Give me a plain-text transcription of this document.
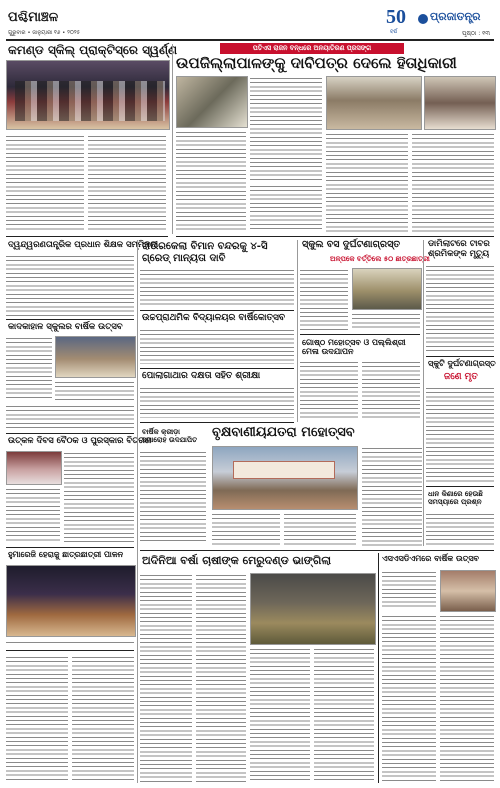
ପଶ୍ଚିମାଞ୍ଚଳ
ଗୁରୁବାର • ଜାନୁୟାରୀ ୧୬ • ୨୦୨୫
50
ବର୍ଷ
ପ୍ରଜାତନ୍ତ୍ର
ପୃଷ୍ଠା : ୧୩
କମଣ୍ଡ ସ୍କିଲ୍ ପ୍ରାକ୍ଟିସ୍ରେ ସ୍ୱର୍ଣ୍ଣ	ପତିଏସ ରାଜନ ବନ୍ଧରେ ଅନୟାତିରଣ ପ୍ରସଙ୍ଗ
ଉପଜିଲ୍ଲାପାଳଙ୍କୁ ଦାବିପତ୍ର ଦେଲେ ହିତାଧିକାରୀ
ଦ୍ୱନ୍ଦ୍ୱରଣତାନ୍ତ୍ରିକ ପ୍ରଧାନ ଶିକ୍ଷକ ସମ୍ମିଳନୀ
କାଦକାହାଳ ସ୍କୁଲର ବାର୍ଷିକ ଉତ୍ସବ
ଉତ୍କଳ ଦିବସ ବୈଠକ ଓ ପୁରସ୍କାର ବିତରଣ
ହୁମାରେଜି ହେରାଜୁ ଛାତ୍ରଛାତ୍ରୀ ପାଳନ
ରାଉରକେଲା ବିମାନ ବନ୍ଦରକୁ ୪-ସି ଗ୍ରେଡ୍ ମାନ୍ୟତା ଦାବି
ଉଚ୍ଚପ୍ରାଥମିକ ବିଦ୍ୟାଳୟର ବାର୍ଷିକୋତ୍ସବ
ପୋଲାଗାଥାର ଦକ୍ଷତା ସହିତ ଶ୍ରୀକ୍ଷା
ବାର୍ଷିକ କ୍ରୀଡ଼ା ସମାରୋହ ଉଦଯାପିତ
ବୃକ୍ଷବାଣୀୟଯତରା ମହୋତ୍ସବ
ସ୍କୁଲ ବସ ଦୁର୍ଘଟଣାଗ୍ରସ୍ତ
ଅଳ୍ପକେ ବର୍ତ୍ତିଲେ ୫୦ ଛାତ୍ରଛାତ୍ରୀ
ଗୋଷ୍ଠ ମହୋତ୍ସବ ଓ ପଲ୍ଲିଶ୍ରୀ ମେଳା ଉଦଯାପନ
ଡାମିଲାଟରେ ଟାବର ଶ୍ରମିକଙ୍କ ମୃତ୍ୟୁ
ସ୍କୁଟି ଦୁର୍ଘଟଣାଗ୍ରସ୍ତ
ଜଣେ ମୃତ
ଧାନ କିଣାରେ ହେଉଛି ସମସ୍ୟାରେ ପ୍ରଶ୍ନ
ଅଦିନିଆ ବର୍ଷା ଚାଷୀଙ୍କ ମେରୁଦଣ୍ଡ ଭାଙ୍ଗିଲା	ଏସଏସଡିଏମରେ ବାର୍ଷିକ ଉତ୍ସବ
